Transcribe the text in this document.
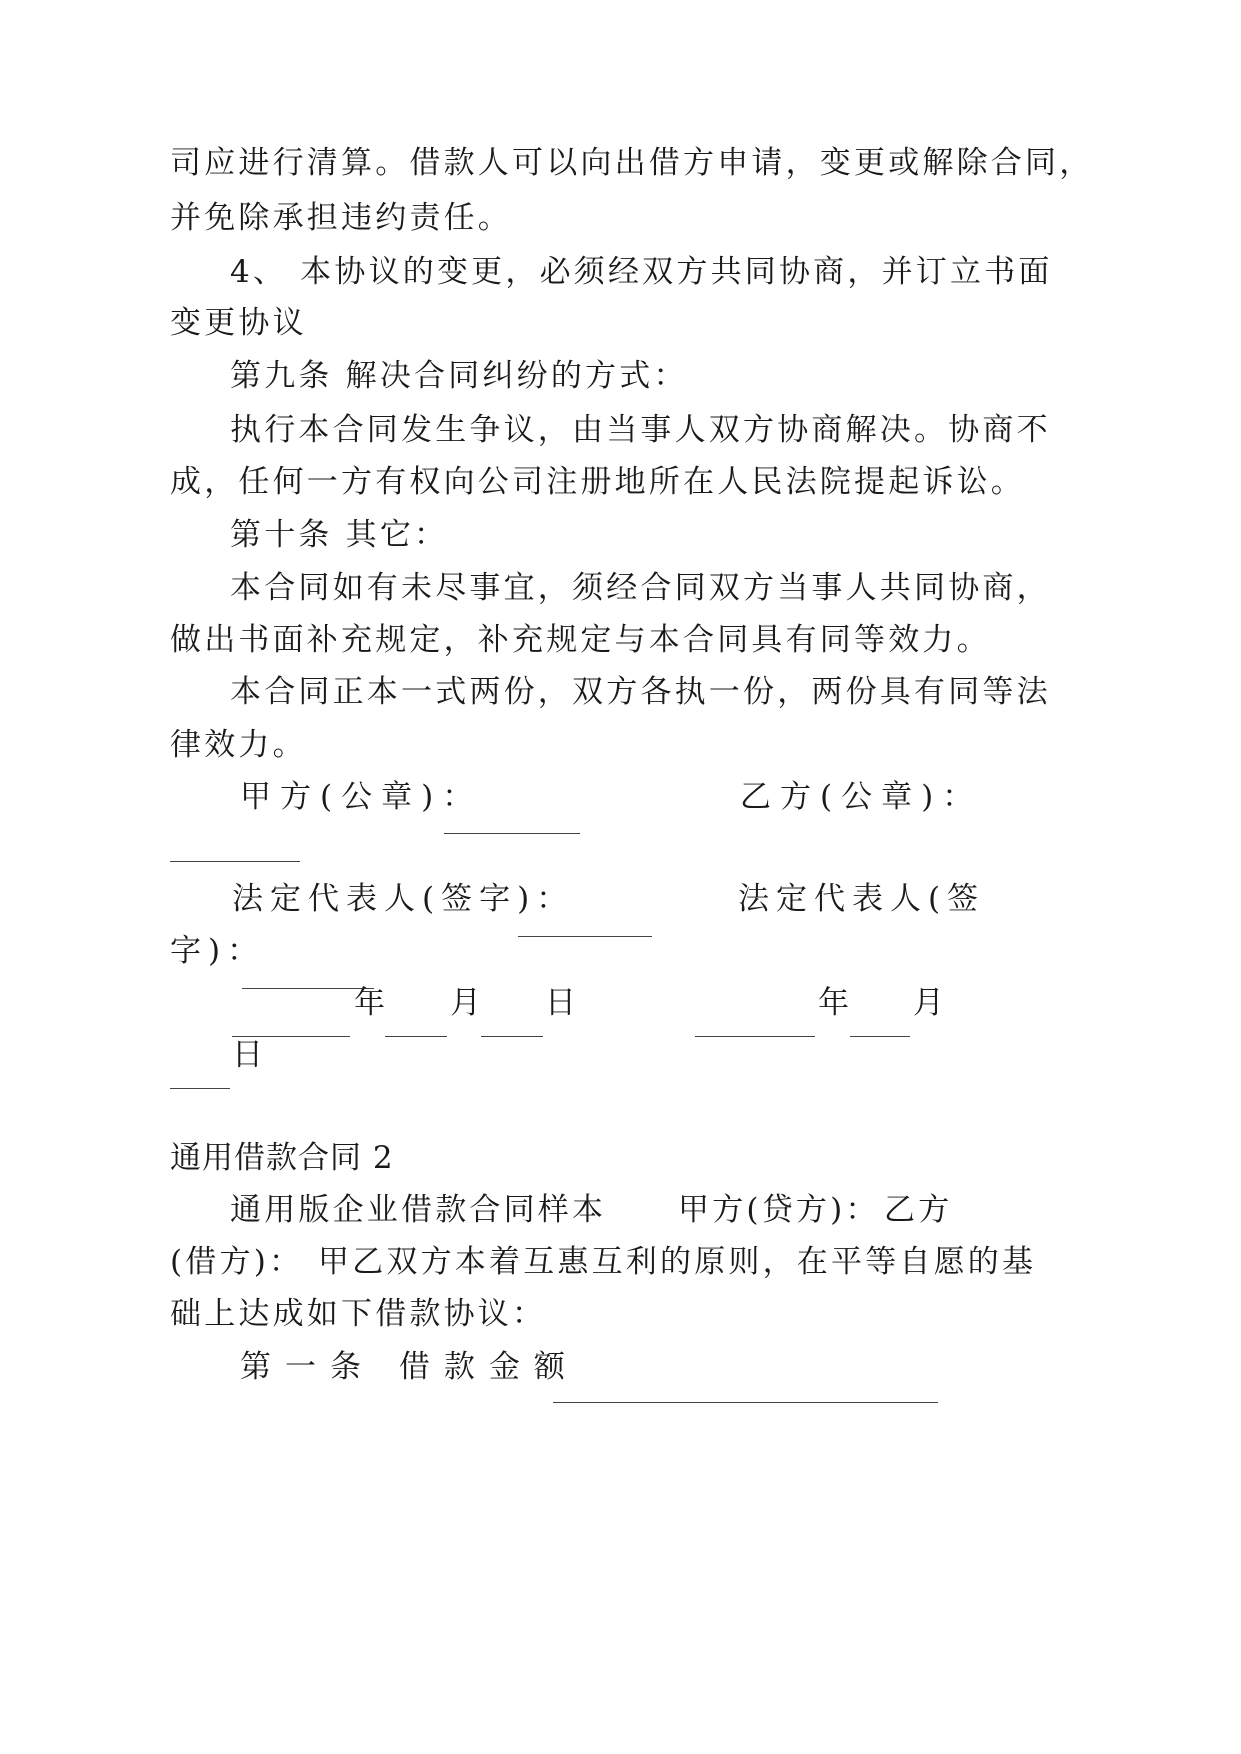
司应进行清算。借款人可以向出借方申请，变更或解除合同，
并免除承担违约责任。
4、 本协议的变更，必须经双方共同协商，并订立书面
变更协议
第九条 解决合同纠纷的方式：
执行本合同发生争议，由当事人双方协商解决。协商不
成，任何一方有权向公司注册地所在人民法院提起诉讼。
第十条 其它：
本合同如有未尽事宜，须经合同双方当事人共同协商，
做出书面补充规定，补充规定与本合同具有同等效力。
本合同正本一式两份，双方各执一份，两份具有同等法
律效力。
甲方(公章)：	乙方(公章)：
法定代表人(签字)：	法定代表人(签
字)：
年 月 日	年 月
日
通用借款合同 2
通用版企业借款合同样本 甲方(贷方)： 乙方
(借方)： 甲乙双方本着互惠互利的原则，在平等自愿的基
础上达成如下借款协议：
第一条 借款金额
